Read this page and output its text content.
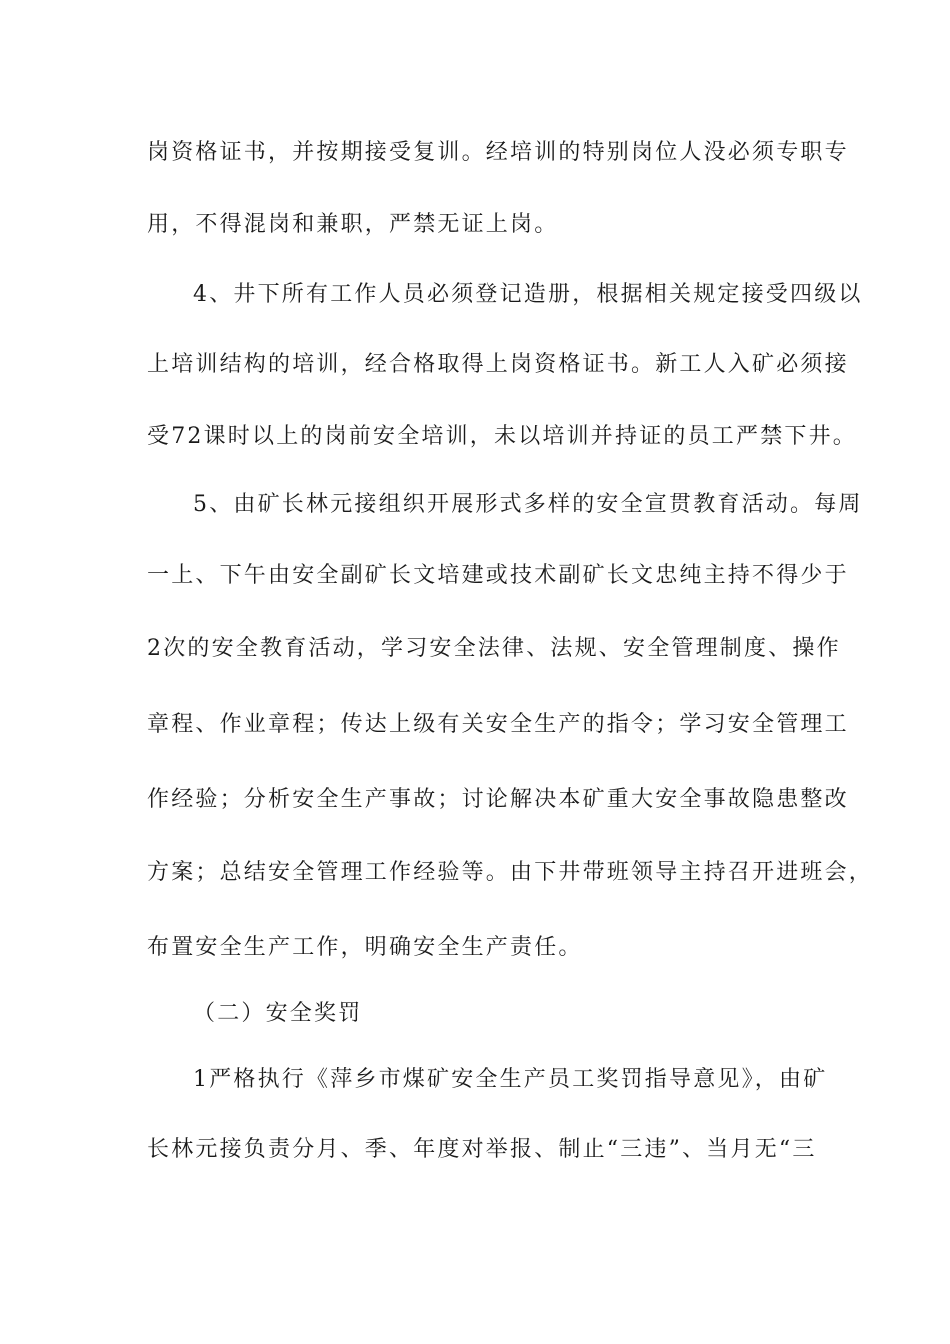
岗资格证书，并按期接受复训。经培训的特别岗位人没必须专职专
用，不得混岗和兼职，严禁无证上岗。
4、井下所有工作人员必须登记造册，根据相关规定接受四级以
上培训结构的培训，经合格取得上岗资格证书。新工人入矿必须接
受72课时以上的岗前安全培训，未以培训并持证的员工严禁下井。
5、由矿长林元接组织开展形式多样的安全宣贯教育活动。每周
一上、下午由安全副矿长文培建或技术副矿长文忠纯主持不得少于
2次的安全教育活动，学习安全法律、法规、安全管理制度、操作
章程、作业章程；传达上级有关安全生产的指令；学习安全管理工
作经验；分析安全生产事故；讨论解决本矿重大安全事故隐患整改
方案；总结安全管理工作经验等。由下井带班领导主持召开进班会，
布置安全生产工作，明确安全生产责任。
（二）安全奖罚
1严格执行《萍乡市煤矿安全生产员工奖罚指导意见》，由矿
长林元接负责分月、季、年度对举报、制止“三违”、当月无“三
